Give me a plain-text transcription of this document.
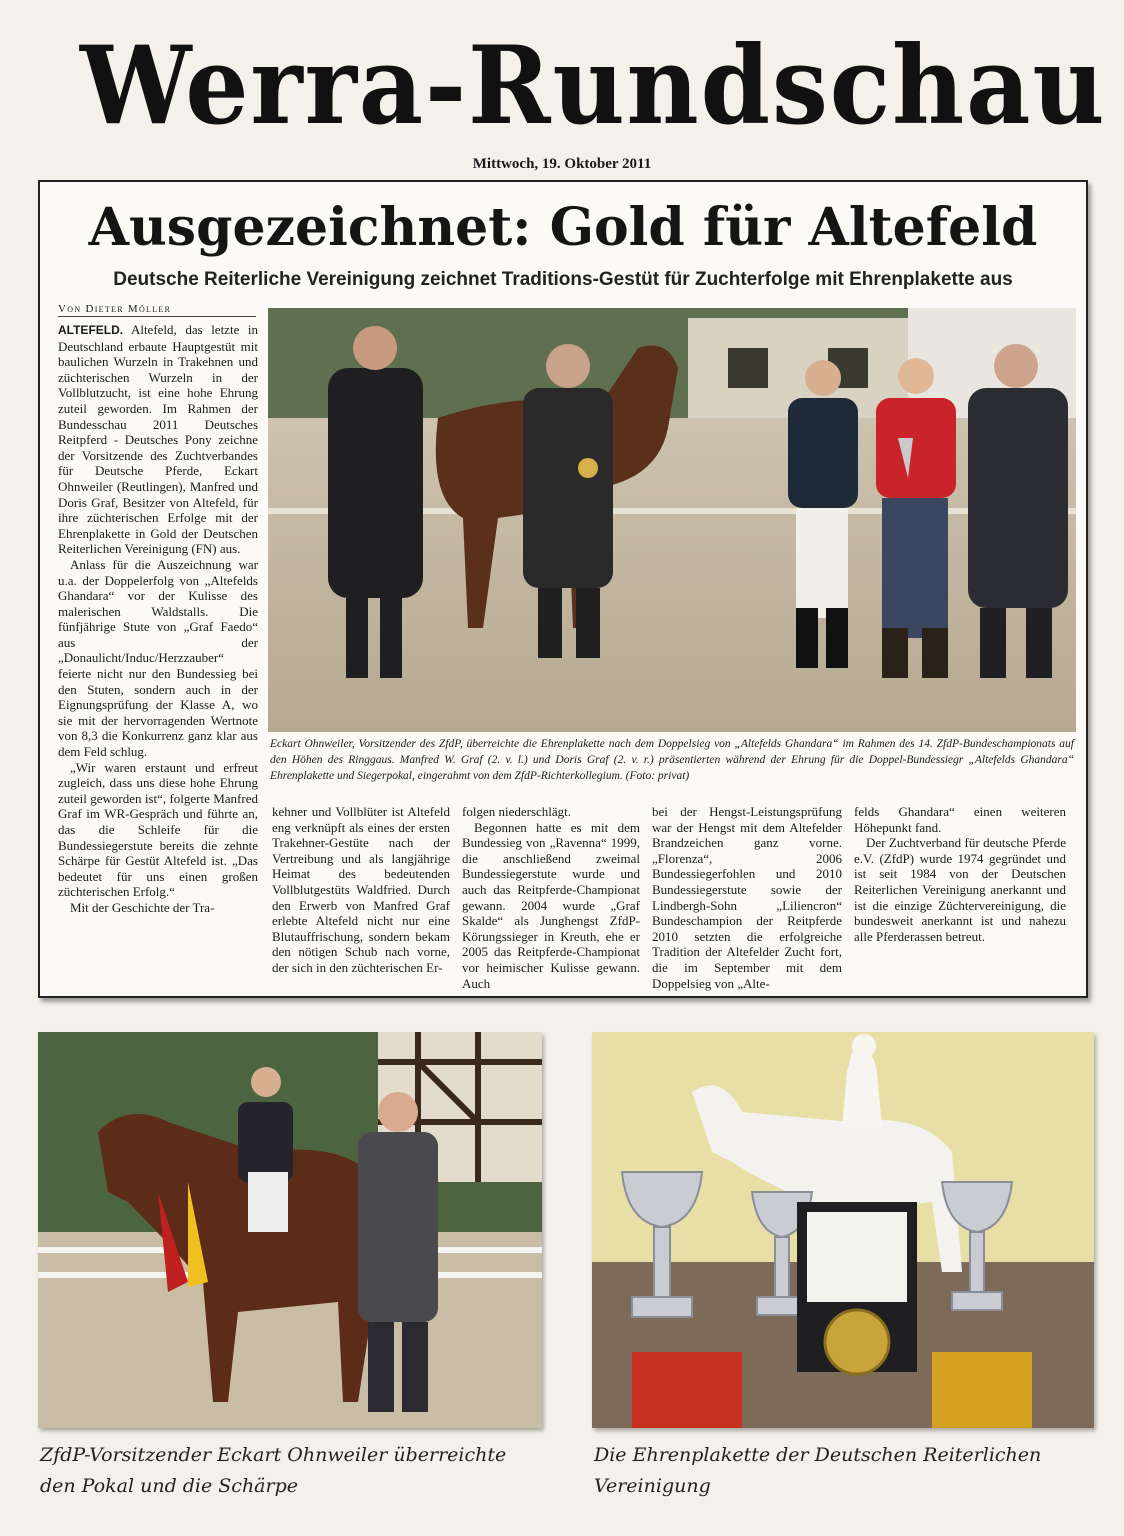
Werra-Rundschau
Mittwoch, 19. Oktober 2011
Ausgezeichnet: Gold für Altefeld
Deutsche Reiterliche Vereinigung zeichnet Traditions-Gestüt für Zuchterfolge mit Ehrenplakette aus
Von Dieter Möller

ALTEFELD. Altefeld, das letzte in Deutschland erbaute Hauptgestüt mit baulichen Wurzeln in Trakehnen und züchterischen Wurzeln in der Vollblutzucht, ist eine hohe Ehrung zuteil geworden. Im Rahmen der Bundesschau 2011 Deutsches Reitpferd - Deutsches Pony zeichne der Vorsitzende des Zuchtverbandes für Deutsche Pferde, Eckart Ohnweiler (Reutlingen), Manfred und Doris Graf, Besitzer von Altefeld, für ihre züchterischen Erfolge mit der Ehrenplakette in Gold der Deutschen Reiterlichen Vereinigung (FN) aus.

Anlass für die Auszeichnung war u.a. der Doppelerfolg von „Altefelds Ghandara“ vor der Kulisse des malerischen Waldstalls. Die fünfjährige Stute von „Graf Faedo“ aus der „Donaulicht/Induc/Herzzauber“ feierte nicht nur den Bundessieg bei den Stuten, sondern auch in der Eignungsprüfung der Klasse A, wo sie mit der hervorragenden Wertnote von 8,3 die Konkurrenz ganz klar aus dem Feld schlug.

„Wir waren erstaunt und erfreut zugleich, dass uns diese hohe Ehrung zuteil geworden ist“, folgerte Manfred Graf im WR-Gespräch und führte an, das die Schleife für die Bundessiegerstute bereits die zehnte Schärpe für Gestüt Altefeld ist. „Das bedeutet für uns einen großen züchterischen Erfolg.“

Mit der Geschichte der Tra-

Eckart Ohnweiler, Vorsitzender des ZfdP, überreichte die Ehrenplakette nach dem Doppelsieg von „Altefelds Ghandara“ im Rahmen des 14. ZfdP-Bundeschampionats auf den Höhen des Ringgaus. Manfred W. Graf (2. v. l.) und Doris Graf (2. v. r.) präsentierten während der Ehrung für die Doppel-Bundessiegr „Altefelds Ghandara“ Ehrenplakette und Siegerpokal, eingerahmt von dem ZfdP-Richterkollegium. (Foto: privat)
kehner und Vollblüter ist Altefeld eng verknüpft als eines der ersten Trakehner-Gestüte nach der Vertreibung und als langjährige Heimat des bedeutenden Vollblutgestüts Waldfried. Durch den Erwerb von Manfred Graf erlebte Altefeld nicht nur eine Blutauffrischung, sondern bekam den nötigen Schub nach vorne, der sich in den züchterischen Er-

folgen niederschlägt.

Begonnen hatte es mit dem Bundessieg von „Ravenna“ 1999, die anschließend zweimal Bundessiegerstute wurde und auch das Reitpferde-Championat gewann. 2004 wurde „Graf Skalde“ als Junghengst ZfdP-Körungssieger in Kreuth, ehe er 2005 das Reitpferde-Championat vor heimischer Kulisse gewann. Auch

bei der Hengst-Leistungsprüfung war der Hengst mit dem Altefelder Brandzeichen ganz vorne. „Florenza“, 2006 Bundessiegerfohlen und 2010 Bundessiegerstute sowie der Lindbergh-Sohn „Liliencron“ Bundeschampion der Reitpferde 2010 setzten die erfolgreiche Tradition der Altefelder Zucht fort, die im September mit dem Doppelsieg von „Alte-

felds Ghandara“ einen weiteren Höhepunkt fand.

Der Zuchtverband für deutsche Pferde e.V. (ZfdP) wurde 1974 gegründet und ist seit 1984 von der Deutschen Reiterlichen Vereinigung anerkannt und ist die einzige Züchtervereinigung, die bundesweit anerkannt ist und nahezu alle Pferderassen betreut.

ZfdP-Vorsitzender Eckart Ohnweiler überreichte
den Pokal und die Schärpe
Die Ehrenplakette der Deutschen Reiterlichen
Vereinigung
